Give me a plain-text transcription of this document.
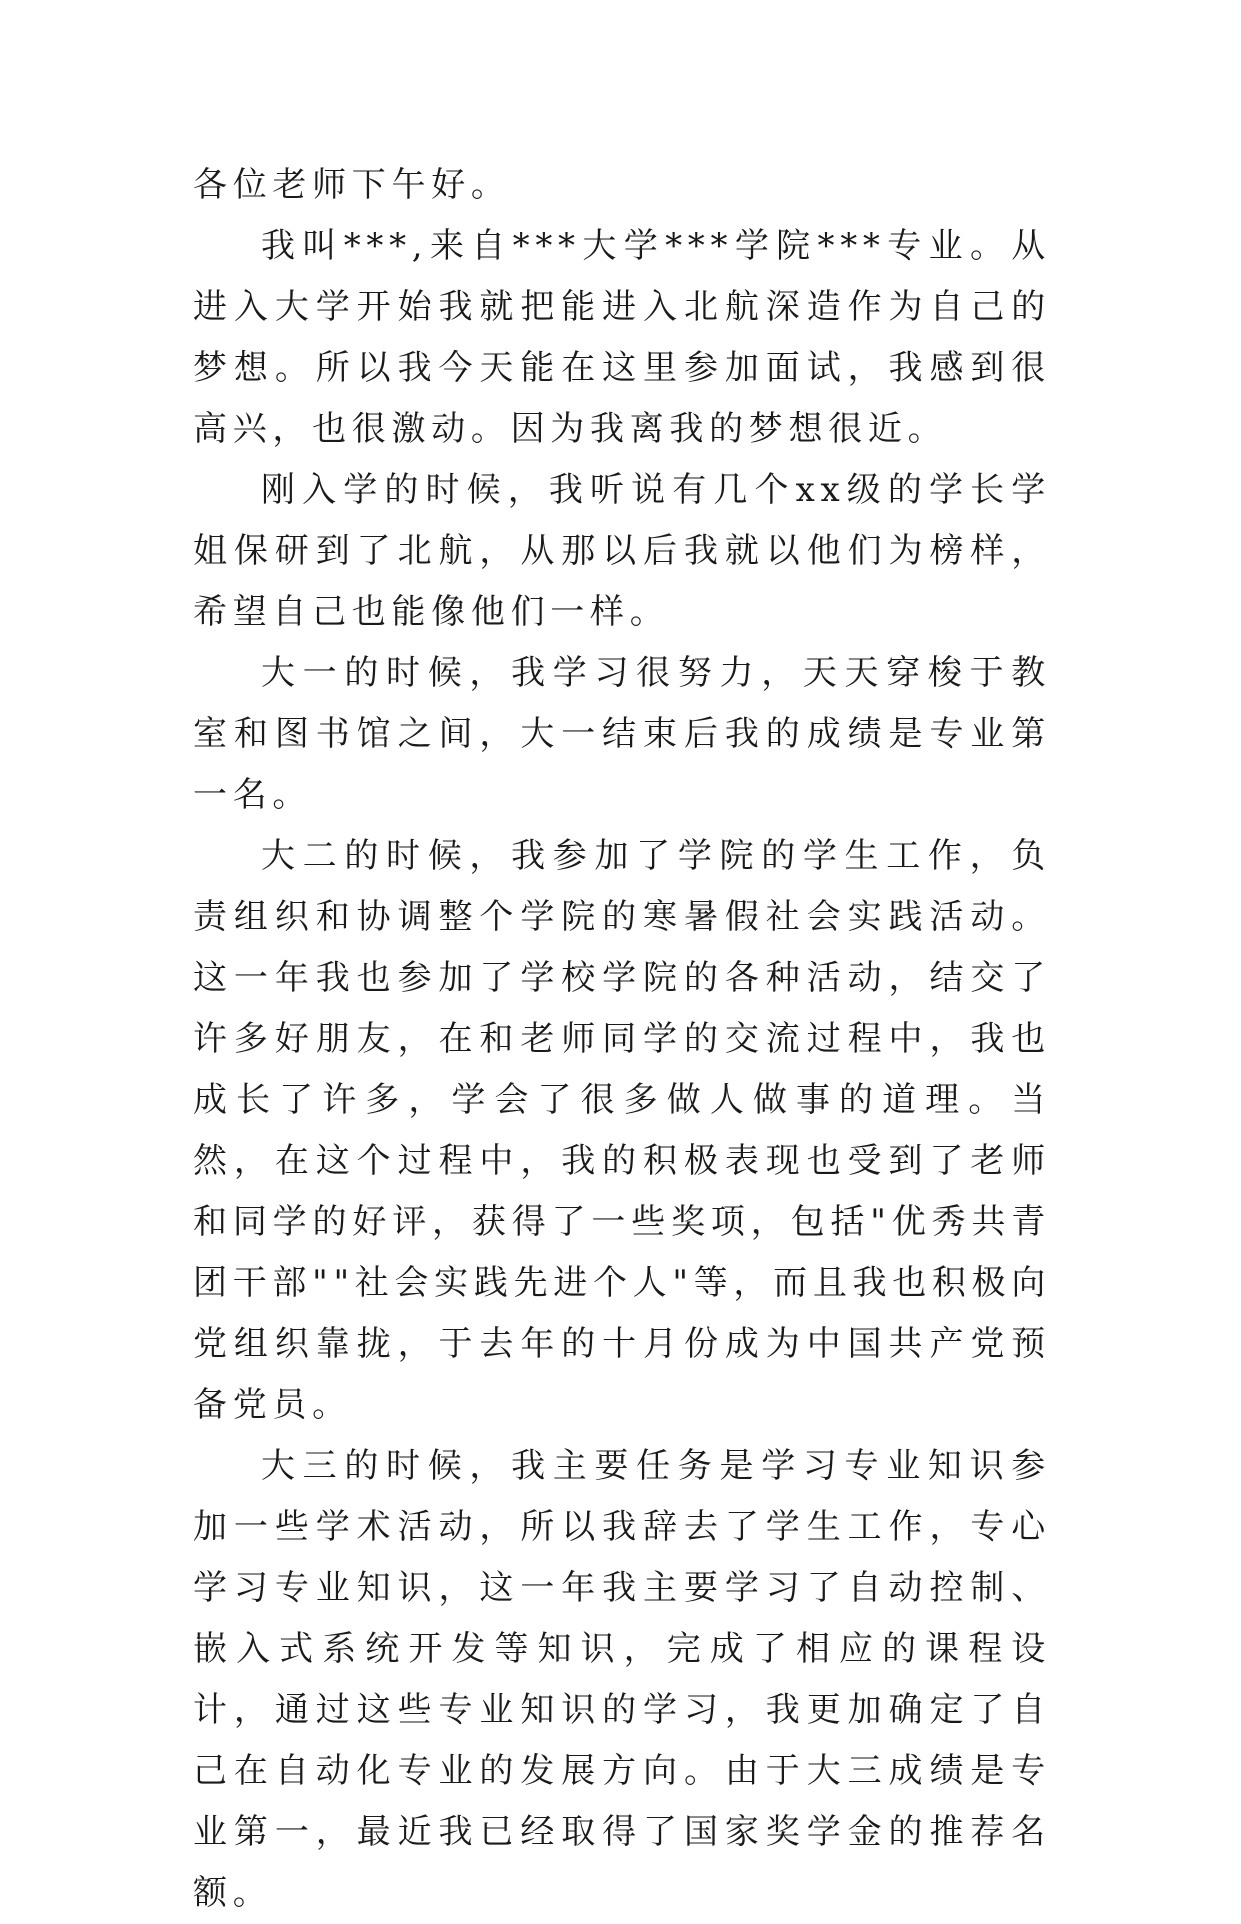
各位老师下午好。

我叫***,来自***大学***学院***专业。从进入大学开始我就把能进入北航深造作为自己的梦想。所以我今天能在这里参加面试，我感到很高兴，也很激动。因为我离我的梦想很近。

刚入学的时候，我听说有几个xx级的学长学姐保研到了北航，从那以后我就以他们为榜样，希望自己也能像他们一样。

大一的时候，我学习很努力，天天穿梭于教室和图书馆之间，大一结束后我的成绩是专业第一名。

大二的时候，我参加了学院的学生工作，负责组织和协调整个学院的寒暑假社会实践活动。这一年我也参加了学校学院的各种活动，结交了许多好朋友，在和老师同学的交流过程中，我也成长了许多，学会了很多做人做事的道理。当然，在这个过程中，我的积极表现也受到了老师和同学的好评，获得了一些奖项，包括"优秀共青团干部""社会实践先进个人"等，而且我也积极向党组织靠拢，于去年的十月份成为中国共产党预备党员。

大三的时候，我主要任务是学习专业知识参加一些学术活动，所以我辞去了学生工作，专心学习专业知识，这一年我主要学习了自动控制、嵌入式系统开发等知识，完成了相应的课程设计，通过这些专业知识的学习，我更加确定了自己在自动化专业的发展方向。由于大三成绩是专业第一，最近我已经取得了国家奖学金的推荐名额。
